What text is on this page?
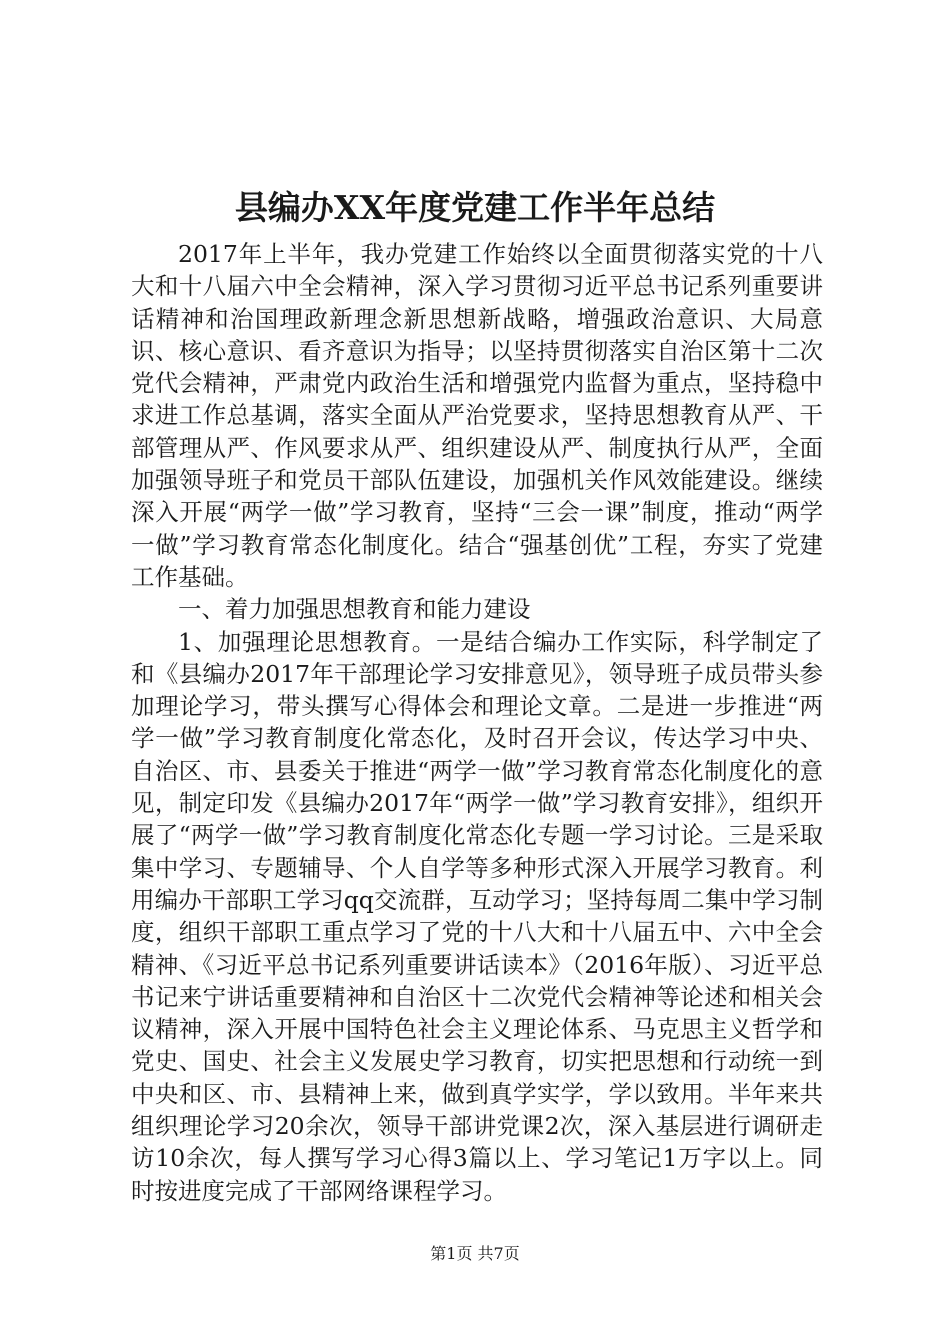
县编办XX年度党建工作半年总结

2017年上半年，我办党建工作始终以全面贯彻落实党的十八大和十八届六中全会精神，深入学习贯彻习近平总书记系列重要讲话精神和治国理政新理念新思想新战略，增强政治意识、大局意识、核心意识、看齐意识为指导；以坚持贯彻落实自治区第十二次党代会精神，严肃党内政治生活和增强党内监督为重点，坚持稳中求进工作总基调，落实全面从严治党要求，坚持思想教育从严、干部管理从严、作风要求从严、组织建设从严、制度执行从严，全面加强领导班子和党员干部队伍建设，加强机关作风效能建设。继续深入开展“两学一做”学习教育，坚持“三会一课”制度，推动“两学一做”学习教育常态化制度化。结合“强基创优”工程，夯实了党建工作基础。

一、着力加强思想教育和能力建设

1、加强理论思想教育。一是结合编办工作实际，科学制定了和《县编办2017年干部理论学习安排意见》，领导班子成员带头参加理论学习，带头撰写心得体会和理论文章。二是进一步推进“两学一做”学习教育制度化常态化，及时召开会议，传达学习中央、自治区、市、县委关于推进“两学一做”学习教育常态化制度化的意见，制定印发《县编办2017年“两学一做”学习教育安排》，组织开展了“两学一做”学习教育制度化常态化专题一学习讨论。三是采取集中学习、专题辅导、个人自学等多种形式深入开展学习教育。利用编办干部职工学习qq交流群，互动学习；坚持每周二集中学习制度，组织干部职工重点学习了党的十八大和十八届五中、六中全会精神、《习近平总书记系列重要讲话读本》（2016年版）、习近平总书记来宁讲话重要精神和自治区十二次党代会精神等论述和相关会议精神，深入开展中国特色社会主义理论体系、马克思主义哲学和党史、国史、社会主义发展史学习教育，切实把思想和行动统一到中央和区、市、县精神上来，做到真学实学，学以致用。半年来共组织理论学习20余次，领导干部讲党课2次，深入基层进行调研走访10余次，每人撰写学习心得3篇以上、学习笔记1万字以上。同时按进度完成了干部网络课程学习。

第1页 共7页
